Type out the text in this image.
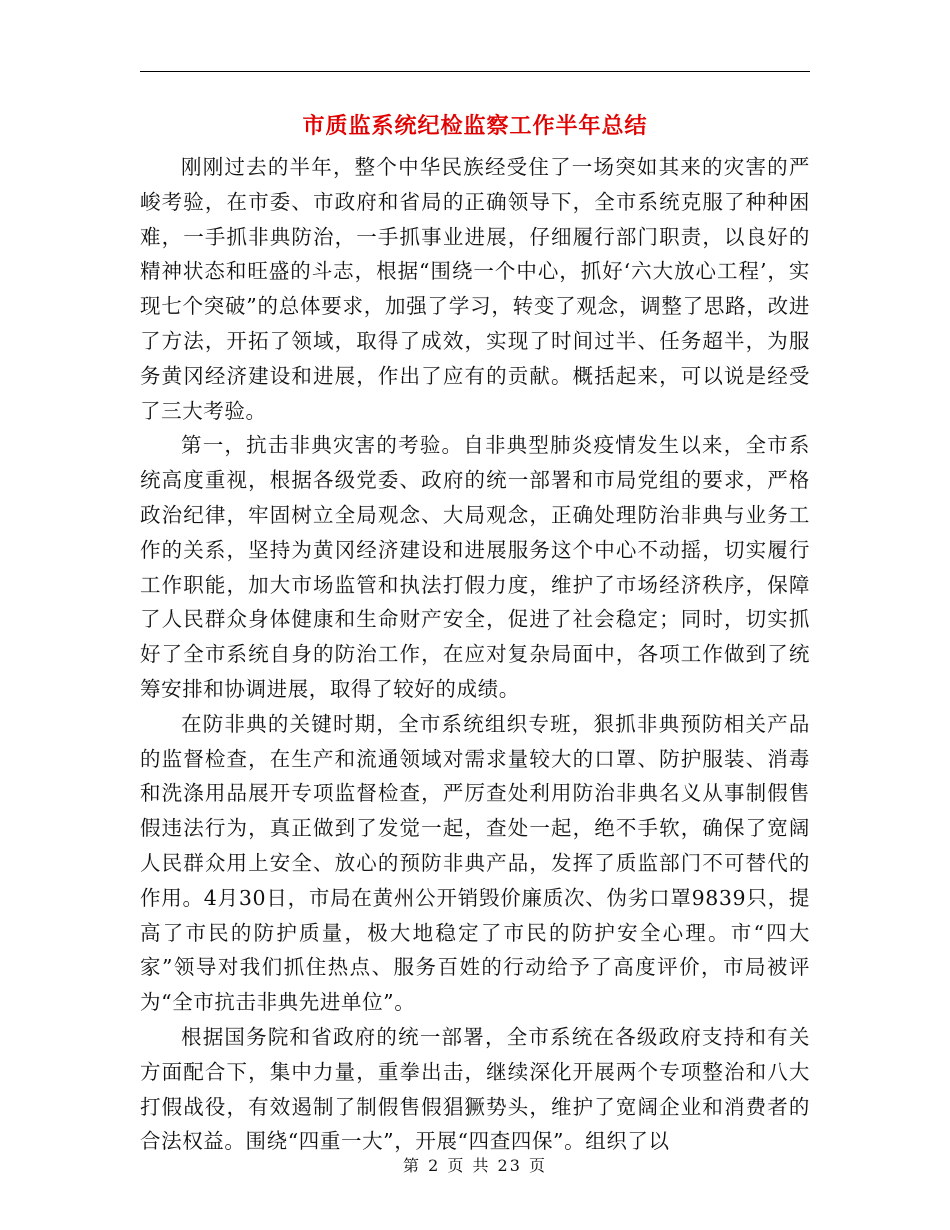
市质监系统纪检监察工作半年总结

刚刚过去的半年，整个中华民族经受住了一场突如其来的灾害的严峻考验，在市委、市政府和省局的正确领导下，全市系统克服了种种困难，一手抓非典防治，一手抓事业进展，仔细履行部门职责，以良好的精神状态和旺盛的斗志，根据“围绕一个中心，抓好‘六大放心工程’，实现七个突破”的总体要求，加强了学习，转变了观念，调整了思路，改进了方法，开拓了领域，取得了成效，实现了时间过半、任务超半，为服务黄冈经济建设和进展，作出了应有的贡献。概括起来，可以说是经受了三大考验。

第一，抗击非典灾害的考验。自非典型肺炎疫情发生以来，全市系统高度重视，根据各级党委、政府的统一部署和市局党组的要求，严格政治纪律，牢固树立全局观念、大局观念，正确处理防治非典与业务工作的关系，坚持为黄冈经济建设和进展服务这个中心不动摇，切实履行工作职能，加大市场监管和执法打假力度，维护了市场经济秩序，保障了人民群众身体健康和生命财产安全，促进了社会稳定；同时，切实抓好了全市系统自身的防治工作，在应对复杂局面中，各项工作做到了统筹安排和协调进展，取得了较好的成绩。

在防非典的关键时期，全市系统组织专班，狠抓非典预防相关产品的监督检查，在生产和流通领域对需求量较大的口罩、防护服装、消毒和洗涤用品展开专项监督检查，严厉查处利用防治非典名义从事制假售假违法行为，真正做到了发觉一起，查处一起，绝不手软，确保了宽阔人民群众用上安全、放心的预防非典产品，发挥了质监部门不可替代的作用。4月30日，市局在黄州公开销毁价廉质次、伪劣口罩9839只，提高了市民的防护质量，极大地稳定了市民的防护安全心理。市“四大家”领导对我们抓住热点、服务百姓的行动给予了高度评价，市局被评为“全市抗击非典先进单位”。

根据国务院和省政府的统一部署，全市系统在各级政府支持和有关方面配合下，集中力量，重拳出击，继续深化开展两个专项整治和八大打假战役，有效遏制了制假售假猖獗势头，维护了宽阔企业和消费者的合法权益。围绕“四重一大”，开展“四查四保”。组织了以

第 2 页 共 23 页
